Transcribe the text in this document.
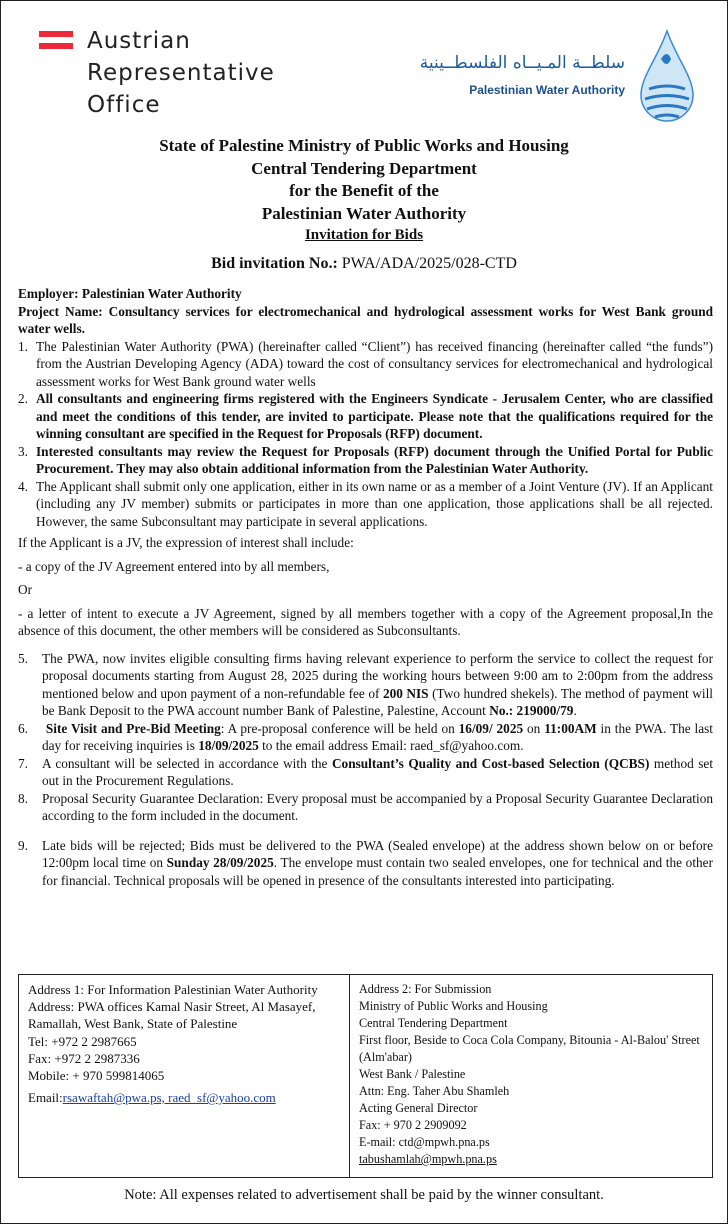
Austrian
Representative
Office
سلطــة المـيــاه الفلسطــينية
Palestinian Water Authority
State of Palestine Ministry of Public Works and Housing
Central Tendering Department
for the Benefit of the
Palestinian Water Authority
Invitation for Bids
Bid invitation No.: PWA/ADA/2025/028-CTD
Employer: Palestinian Water Authority
Project Name: Consultancy services for electromechanical and hydrological assessment works for West Bank ground water wells.
1. The Palestinian Water Authority (PWA) (hereinafter called “Client”) has received financing (hereinafter called “the funds”) from the Austrian Developing Agency (ADA) toward the cost of consultancy services for electromechanical and hydrological assessment works for West Bank ground water wells
2. All consultants and engineering firms registered with the Engineers Syndicate - Jerusalem Center, who are classified and meet the conditions of this tender, are invited to participate. Please note that the qualifications required for the winning consultant are specified in the Request for Proposals (RFP) document.
3. Interested consultants may review the Request for Proposals (RFP) document through the Unified Portal for Public Procurement. They may also obtain additional information from the Palestinian Water Authority.
4. The Applicant shall submit only one application, either in its own name or as a member of a Joint Venture (JV). If an Applicant (including any JV member) submits or participates in more than one application, those applications shall be all rejected. However, the same Subconsultant may participate in several applications.
If the Applicant is a JV, the expression of interest shall include:
- a copy of the JV Agreement entered into by all members,
Or
- a letter of intent to execute a JV Agreement, signed by all members together with a copy of the Agreement proposal,In the absence of this document, the other members will be considered as Subconsultants.
5.	The PWA, now invites eligible consulting firms having relevant experience to perform the service to collect the request for proposal documents starting from August 28, 2025 during the working hours between 9:00 am to 2:00pm from the address mentioned below and upon payment of a non-refundable fee of 200 NIS (Two hundred shekels). The method of payment will be Bank Deposit to the PWA account number Bank of Palestine, Palestine, Account No.: 219000/79.
6.	Site Visit and Pre-Bid Meeting: A pre-proposal conference will be held on 16/09/ 2025 on 11:00AM in the PWA. The last day for receiving inquiries is 18/09/2025 to the email address Email: raed_sf@yahoo.com.
7.	A consultant will be selected in accordance with the Consultant’s Quality and Cost-based Selection (QCBS) method set out in the Procurement Regulations.
8.	Proposal Security Guarantee Declaration: Every proposal must be accompanied by a Proposal Security Guarantee Declaration according to the form included in the document.
9.	Late bids will be rejected; Bids must be delivered to the PWA (Sealed envelope) at the address shown below on or before 12:00pm local time on Sunday 28/09/2025. The envelope must contain two sealed envelopes, one for technical and the other for financial. Technical proposals will be opened in presence of the consultants interested into participating.
Address 1: For Information Palestinian Water Authority
Address: PWA offices Kamal Nasir Street, Al Masayef, Ramallah, West Bank, State of Palestine
Tel: +972 2 2987665
Fax: +972 2 2987336
Mobile: + 970 599814065
Email:rsawaftah@pwa.ps, raed_sf@yahoo.com
Address 2: For Submission
Ministry of Public Works and Housing
Central Tendering Department
First floor, Beside to Coca Cola Company, Bitounia - Al-Balou' Street (Alm'abar)
West Bank / Palestine
Attn: Eng. Taher Abu Shamleh
Acting General Director
Fax: + 970 2 2909092
E-mail: ctd@mpwh.pna.ps
tabushamlah@mpwh.pna.ps
Note: All expenses related to advertisement shall be paid by the winner consultant.
